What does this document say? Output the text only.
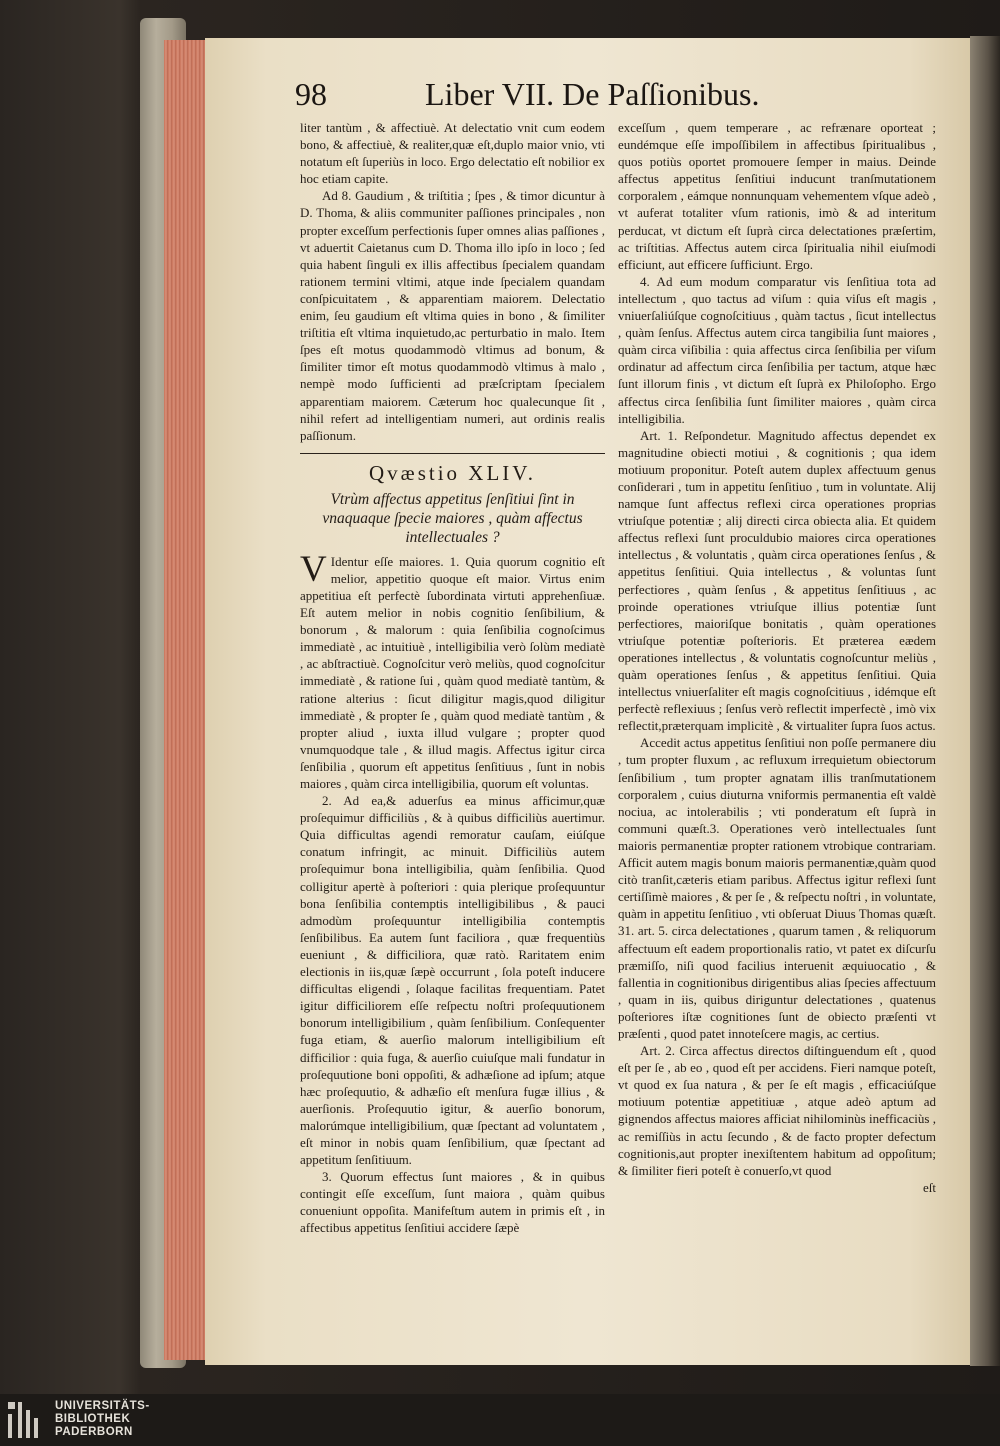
98	Liber VII. De Paſſionibus.

liter tantùm , & affectiuè. At delectatio vnit cum eodem bono, & affectiuè, & realiter,quæ eſt,duplo maior vnio, vti notatum eſt ſuperiùs in loco. Ergo delectatio eſt nobilior ex hoc etiam capite.

Ad 8. Gaudium , & triſtitia ; ſpes , & timor dicuntur à D. Thoma, & aliis communiter paſſiones principales , non propter exceſſum perfectionis ſuper omnes alias paſſiones , vt aduertit Caietanus cum D. Thoma illo ipſo in loco ; ſed quia habent ſinguli ex illis affectibus ſpecialem quandam rationem termini vltimi, atque inde ſpecialem quandam conſpicuitatem , & apparentiam maiorem. Delectatio enim, ſeu gaudium eſt vltima quies in bono , & ſimiliter triſtitia eſt vltima inquietudo,ac perturbatio in malo. Item ſpes eſt motus quodammodò vltimus ad bonum, & ſimiliter timor eſt motus quodammodò vltimus à malo , nempè modo ſufficienti ad præſcriptam ſpecialem apparentiam maiorem. Cæterum hoc qualecunque ſit , nihil refert ad intelligentiam numeri, aut ordinis realis paſſionum.

Qvæstio XLIV.
Vtrùm affectus appetitus ſenſitiui ſint in vnaquaque ſpecie maiores , quàm affectus intellectuales ?

V Identur eſſe maiores. 1. Quia quorum cognitio eſt melior, appetitio quoque eſt maior. Virtus enim appetitiua eſt perfectè ſubordinata virtuti apprehenſiuæ. Eſt autem melior in nobis cognitio ſenſibilium, & bonorum , & malorum : quia ſenſibilia cognoſcimus immediatè , ac intuitiuè , intelligibilia verò ſolùm mediatè , ac abſtractiuè. Cognoſcitur verò meliùs, quod cognoſcitur immediatè , & ratione ſui , quàm quod mediatè tantùm, & ratione alterius : ſicut diligitur magis,quod diligitur immediatè , & propter ſe , quàm quod mediatè tantùm , & propter aliud , iuxta illud vulgare ; propter quod vnumquodque tale , & illud magis. Affectus igitur circa ſenſibilia , quorum eſt appetitus ſenſitiuus , ſunt in nobis maiores , quàm circa intelligibilia, quorum eſt voluntas.

2. Ad ea,& aduerſus ea minus afficimur,quæ proſequimur difficiliùs , & à quibus difficiliùs auertimur. Quia difficultas agendi remoratur cauſam, eiúſque conatum infringit, ac minuit. Difficiliùs autem proſequimur bona intelligibilia, quàm ſenſibilia. Quod colligitur apertè à poſteriori : quia plerique proſequuntur bona ſenſibilia contemptis intelligibilibus , & pauci admodùm proſequuntur intelligibilia contemptis ſenſibilibus. Ea autem ſunt faciliora , quæ frequentiùs eueniunt , & difficiliora, quæ ratò. Raritatem enim electionis in iis,quæ ſæpè occurrunt , ſola poteſt inducere difficultas eligendi , ſolaque facilitas frequentiam. Patet igitur difficiliorem eſſe reſpectu noſtri proſequutionem bonorum intelligibilium , quàm ſenſibilium. Conſequenter fuga etiam, & auerſio malorum intelligibilium eſt difficilior : quia fuga, & auerſio cuiuſque mali fundatur in proſequutione boni oppoſiti, & adhæſione ad ipſum; atque hæc proſequutio, & adhæſio eſt menſura fugæ illius , & auerſionis. Proſequutio igitur, & auerſio bonorum, malorúmque intelligibilium, quæ ſpectant ad voluntatem , eſt minor in nobis quam ſenſibilium, quæ ſpectant ad appetitum ſenſitiuum.

3. Quorum effectus ſunt maiores , & in quibus contingit eſſe exceſſum, ſunt maiora , quàm quibus conueniunt oppoſita. Manifeſtum autem in primis eſt , in affectibus appetitus ſenſitiui accidere ſæpè

exceſſum , quem temperare , ac refrænare oporteat ; eundémque eſſe impoſſibilem in affectibus ſpiritualibus , quos potiùs oportet promouere ſemper in maius. Deinde affectus appetitus ſenſitiui inducunt tranſmutationem corporalem , eámque nonnunquam vehementem vſque adeò , vt auferat totaliter vſum rationis, imò & ad interitum perducat, vt dictum eſt ſuprà circa delectationes præſertim, ac triſtitias. Affectus autem circa ſpiritualia nihil eiuſmodi efficiunt, aut efficere ſufficiunt. Ergo.

4. Ad eum modum comparatur vis ſenſitiua tota ad intellectum , quo tactus ad viſum : quia viſus eſt magis , vniuerſaliúſque cognoſcitiuus , quàm tactus , ſicut intellectus , quàm ſenſus. Affectus autem circa tangibilia ſunt maiores , quàm circa viſibilia : quia affectus circa ſenſibilia per viſum ordinatur ad affectum circa ſenſibilia per tactum, atque hæc ſunt illorum finis , vt dictum eſt ſuprà ex Philoſopho. Ergo affectus circa ſenſibilia ſunt ſimiliter maiores , quàm circa intelligibilia.

Art. 1. Reſpondetur. Magnitudo affectus dependet ex magnitudine obiecti motiui , & cognitionis ; qua idem motiuum proponitur. Poteſt autem duplex affectuum genus conſiderari , tum in appetitu ſenſitiuo , tum in voluntate. Alij namque ſunt affectus reflexi circa operationes proprias vtriuſque potentiæ ; alij directi circa obiecta alia. Et quidem affectus reflexi ſunt proculdubio maiores circa operationes intellectus , & voluntatis , quàm circa operationes ſenſus , & appetitus ſenſitiui. Quia intellectus , & voluntas ſunt perfectiores , quàm ſenſus , & appetitus ſenſitiuus , ac proinde operationes vtriuſque illius potentiæ ſunt perfectiores, maioriſque bonitatis , quàm operationes vtriuſque potentiæ poſterioris. Et præterea eædem operationes intellectus , & voluntatis cognoſcuntur meliùs , quàm operationes ſenſus , & appetitus ſenſitiui. Quia intellectus vniuerſaliter eſt magis cognoſcitiuus , idémque eſt perfectè reflexiuus ; ſenſus verò reflectit imperfectè , imò vix reflectit,præterquam implicitè , & virtualiter ſupra ſuos actus.

Accedit actus appetitus ſenſitiui non poſſe permanere diu , tum propter fluxum , ac refluxum irrequietum obiectorum ſenſibilium , tum propter agnatam illis tranſmutationem corporalem , cuius diuturna vniformis permanentia eſt valdè nociua, ac intolerabilis ; vti ponderatum eſt ſuprà in communi quæſt.3. Operationes verò intellectuales ſunt maioris permanentiæ propter rationem vtrobique contrariam. Afficit autem magis bonum maioris permanentiæ,quàm quod citò tranſit,cæteris etiam paribus. Affectus igitur reflexi ſunt certiſſimè maiores , & per ſe , & reſpectu noſtri , in voluntate, quàm in appetitu ſenſitiuo , vti obſeruat Diuus Thomas quæſt. 31. art. 5. circa delectationes , quarum tamen , & reliquorum affectuum eſt eadem proportionalis ratio, vt patet ex diſcurſu præmiſſo, niſi quod facilius interuenit æquiuocatio , & fallentia in cognitionibus dirigentibus alias ſpecies affectuum , quam in iis, quibus diriguntur delectationes , quatenus poſteriores iſtæ cognitiones ſunt de obiecto præſenti vt præſenti , quod patet innoteſcere magis, ac certius.

Art. 2. Circa affectus directos diſtinguendum eſt , quod eſt per ſe , ab eo , quod eſt per accidens. Fieri namque poteſt, vt quod ex ſua natura , & per ſe eſt magis , efficaciúſque motiuum potentiæ appetitiuæ , atque adeò aptum ad gignendos affectus maiores afficiat nihilominùs inefficaciùs , ac remiſſiùs in actu ſecundo , & de facto propter defectum cognitionis,aut propter inexiſtentem habitum ad oppoſitum; & ſimiliter fieri poteſt è conuerſo,vt quod

eſt

UNIVERSITÄTS-
BIBLIOTHEK
PADERBORN
